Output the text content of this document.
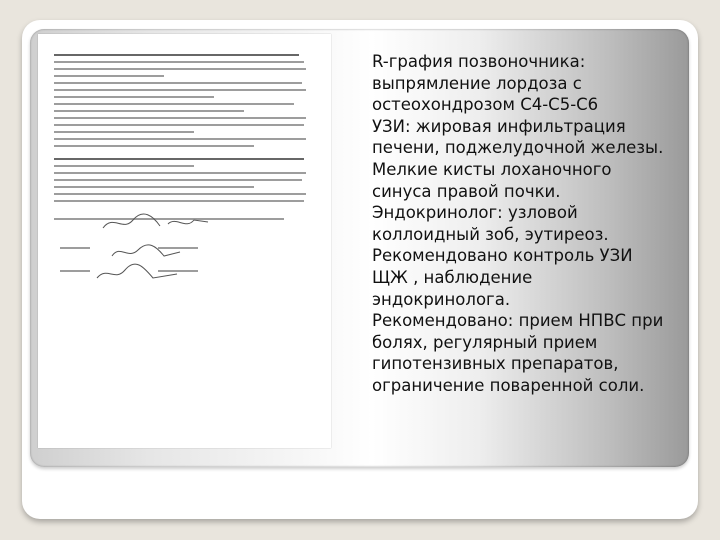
R-графия позвоночника: выпрямление лордоза с остеохондрозом С4-С5-С6
УЗИ: жировая инфильтрация печени, поджелудочной железы. Мелкие кисты лоханочного синуса правой почки.
Эндокринолог: узловой коллоидный зоб, эутиреоз. Рекомендовано контроль УЗИ ЩЖ , наблюдение эндокринолога.
Рекомендовано: прием НПВС при болях, регулярный прием гипотензивных препаратов, ограничение поваренной соли.
